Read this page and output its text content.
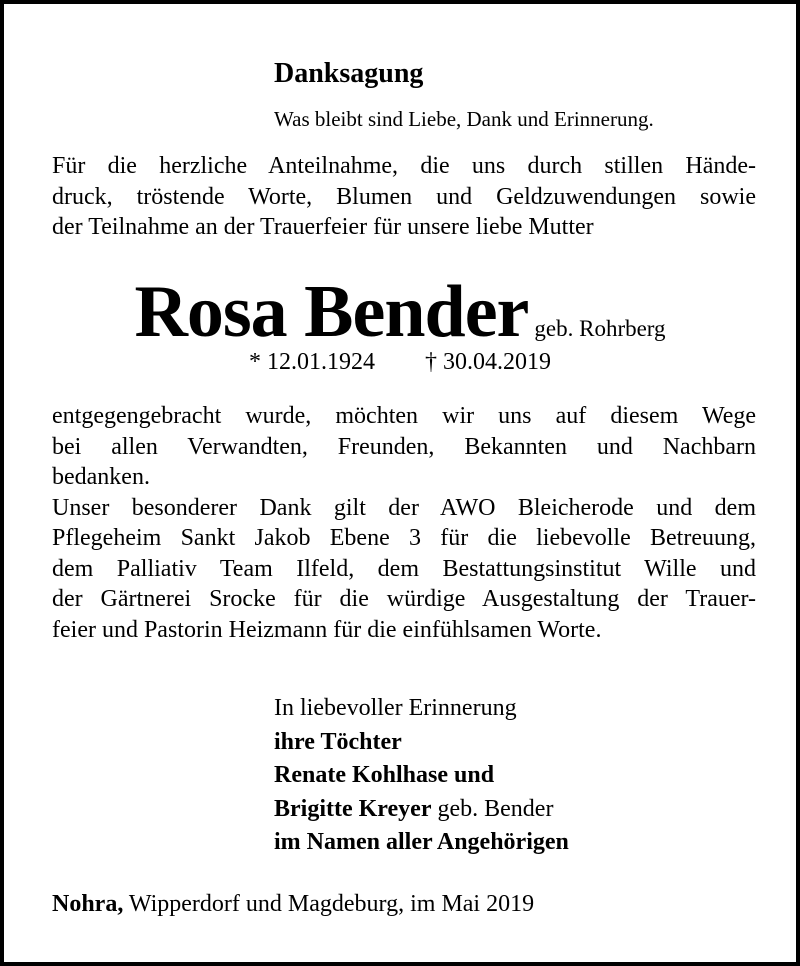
Danksagung
Was bleibt sind Liebe, Dank und Erinnerung.
Für die herzliche Anteilnahme, die uns durch stillen Hände-
druck, tröstende Worte, Blumen und Geldzuwendungen sowie
der Teilnahme an der Trauerfeier für unsere liebe Mutter
Rosa Bender geb. Rohrberg
* 12.01.1924 † 30.04.2019
entgegengebracht wurde, möchten wir uns auf diesem Wege
bei allen Verwandten, Freunden, Bekannten und Nachbarn
bedanken.
Unser besonderer Dank gilt der AWO Bleicherode und dem
Pflegeheim Sankt Jakob Ebene 3 für die liebevolle Betreuung,
dem Palliativ Team Ilfeld, dem Bestattungsinstitut Wille und
der Gärtnerei Srocke für die würdige Ausgestaltung der Trauer-
feier und Pastorin Heizmann für die einfühlsamen Worte.
In liebevoller Erinnerung
ihre Töchter
Renate Kohlhase und
Brigitte Kreyer geb. Bender
im Namen aller Angehörigen
Nohra, Wipperdorf und Magdeburg, im Mai 2019
